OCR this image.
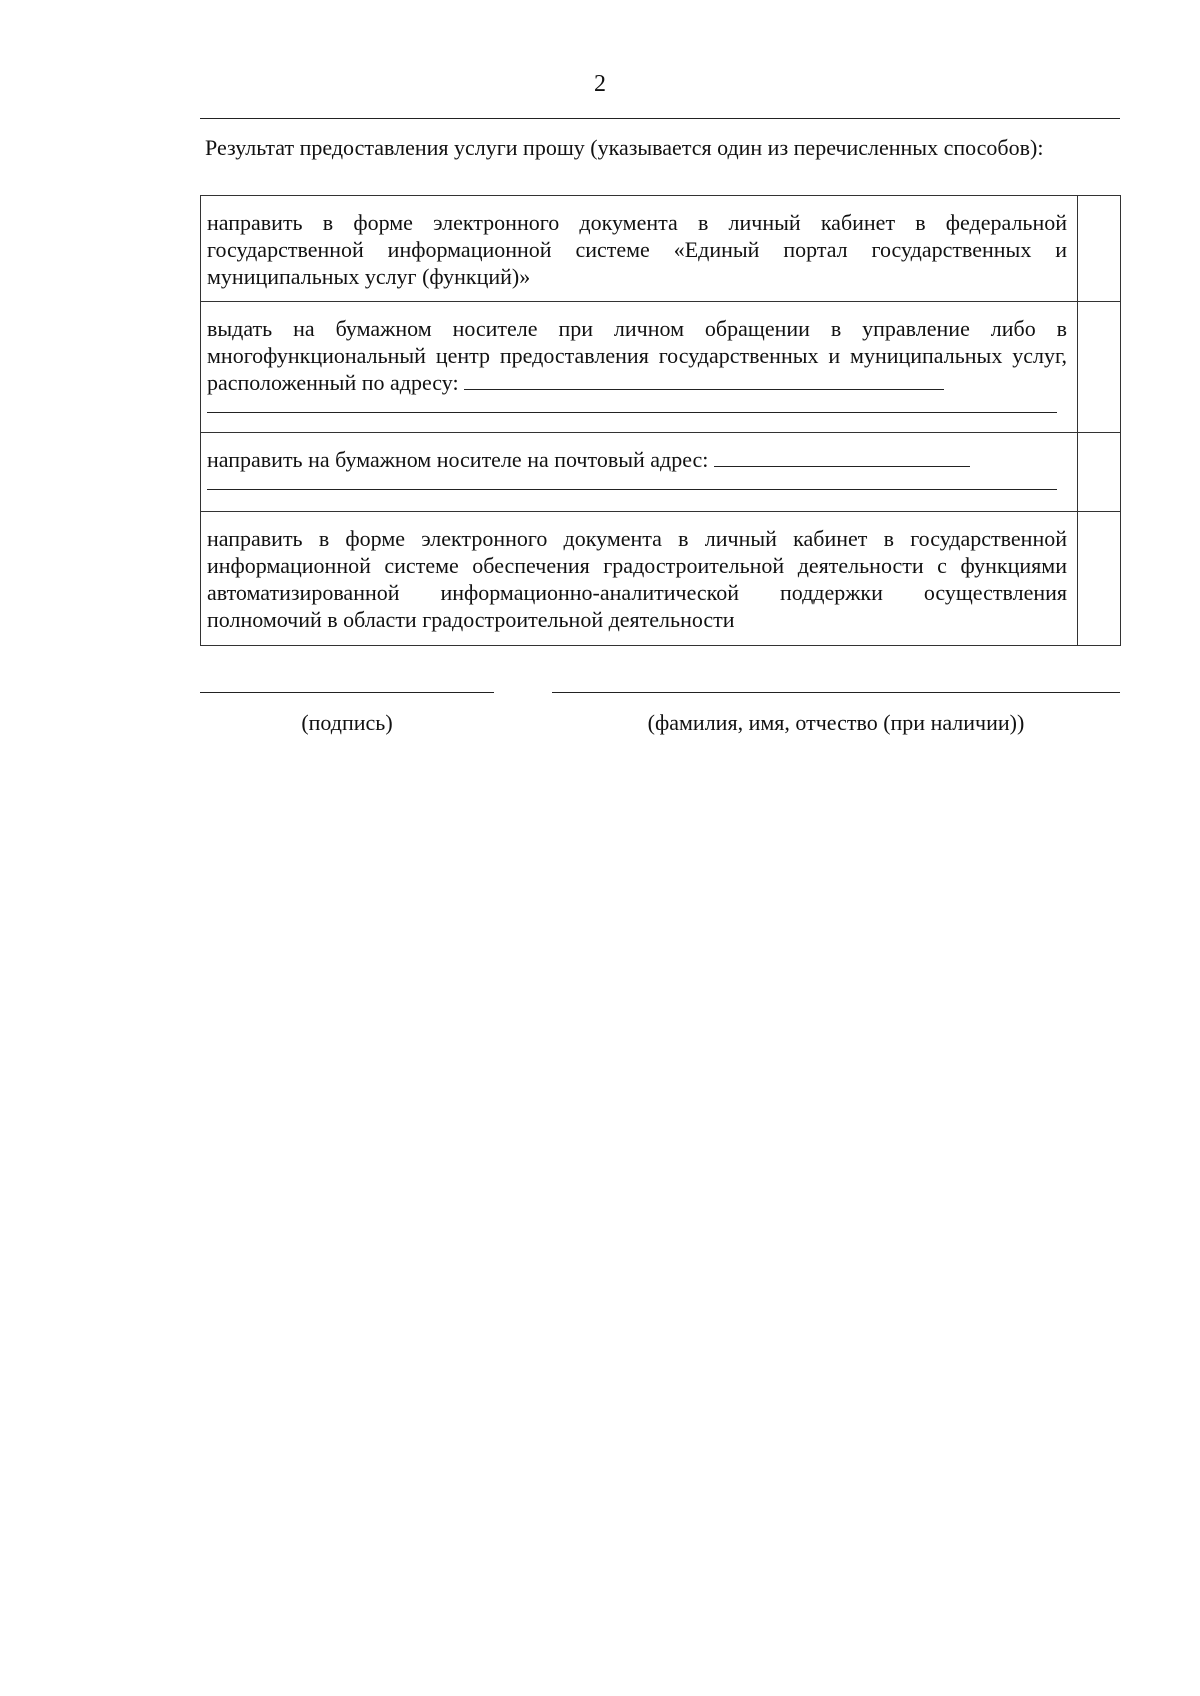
2
Результат предоставления услуги прошу (указывается один из перечисленных способов):
направить в форме электронного документа в личный кабинет в федеральной государственной информационной системе «Единый портал государственных и муниципальных услуг (функций)»	
выдать на бумажном носителе при личном обращении в управление либо в многофункциональный центр предоставления государственных и муниципальных услуг, расположенный по адресу:

направить на бумажном носителе на почтовый адрес:

направить в форме электронного документа в личный кабинет в государственной информационной системе обеспечения градостроительной деятельности с функциями автоматизированной информационно-аналитической поддержки осуществления полномочий в области градостроительной деятельности	
(подпись)	(фамилия, имя, отчество (при наличии))
